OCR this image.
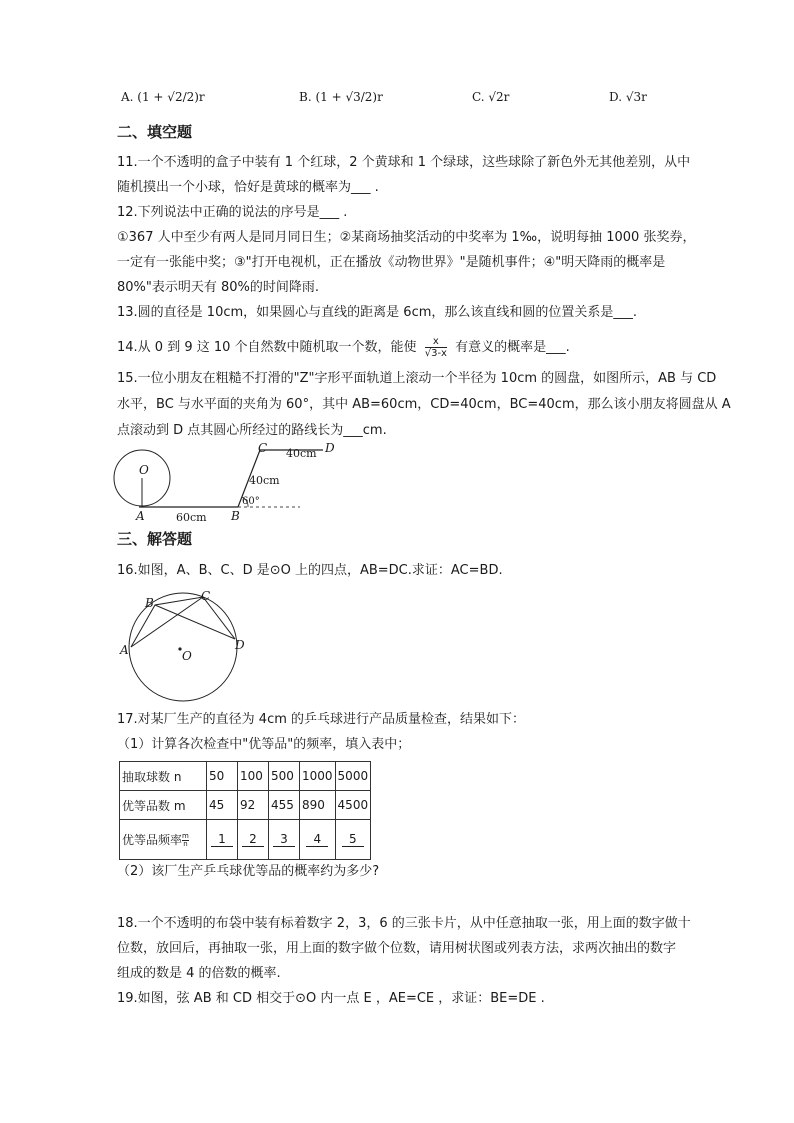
A. (1 + √2/2)r	B. (1 + √3/2)r	C. √2r	D. √3r
二、填空题
11.一个不透明的盒子中装有 1 个红球，2 个黄球和 1 个绿球，这些球除了新色外无其他差别，从中
随机摸出一个小球，恰好是黄球的概率为___ .
12.下列说法中正确的说法的序号是___ .
①367 人中至少有两人是同月同日生；②某商场抽奖活动的中奖率为 1‰，说明每抽 1000 张奖券，
一定有一张能中奖；③"打开电视机，正在播放《动物世界》"是随机事件；④"明天降雨的概率是
80%"表示明天有 80%的时间降雨.
13.圆的直径是 10cm，如果圆心与直线的距离是 6cm，那么该直线和圆的位置关系是___.
14.从 0 到 9 这 10 个自然数中随机取一个数，能使 $\frac{x}{√3-x}$ 有意义的概率是___.
15.一位小朋友在粗糙不打滑的"Z"字形平面轨道上滚动一个半径为 10cm 的圆盘，如图所示，AB 与 CD
水平，BC 与水平面的夹角为 60°，其中 AB=60cm，CD=40cm，BC=40cm，那么该小朋友将圆盘从 A
点滚动到 D 点其圆心所经过的路线长为___cm.
O
A	B
C	D
60cm
40cm
40cm
60°
三、解答题
16.如图，A、B、C、D 是⊙O 上的四点，AB=DC.求证：AC=BD.
A
B	C
D
O
17.对某厂生产的直径为 4cm 的乒乓球进行产品质量检查，结果如下：
（1）计算各次检查中"优等品"的频率，填入表中；
抽取球数 n	50	100	500	1000	5000
优等品数 m	45	92	455	890	4500
优等品频率 $\frac{m}{n}$	1	2	3	4	5
（2）该厂生产乒乓球优等品的概率约为多少?
18.一个不透明的布袋中装有标着数字 2，3，6 的三张卡片，从中任意抽取一张，用上面的数字做十
位数，放回后，再抽取一张，用上面的数字做个位数，请用树状图或列表方法，求两次抽出的数字
组成的数是 4 的倍数的概率.
19.如图，弦 AB 和 CD 相交于⊙O 内一点 E ，AE=CE ，求证：BE=DE .
